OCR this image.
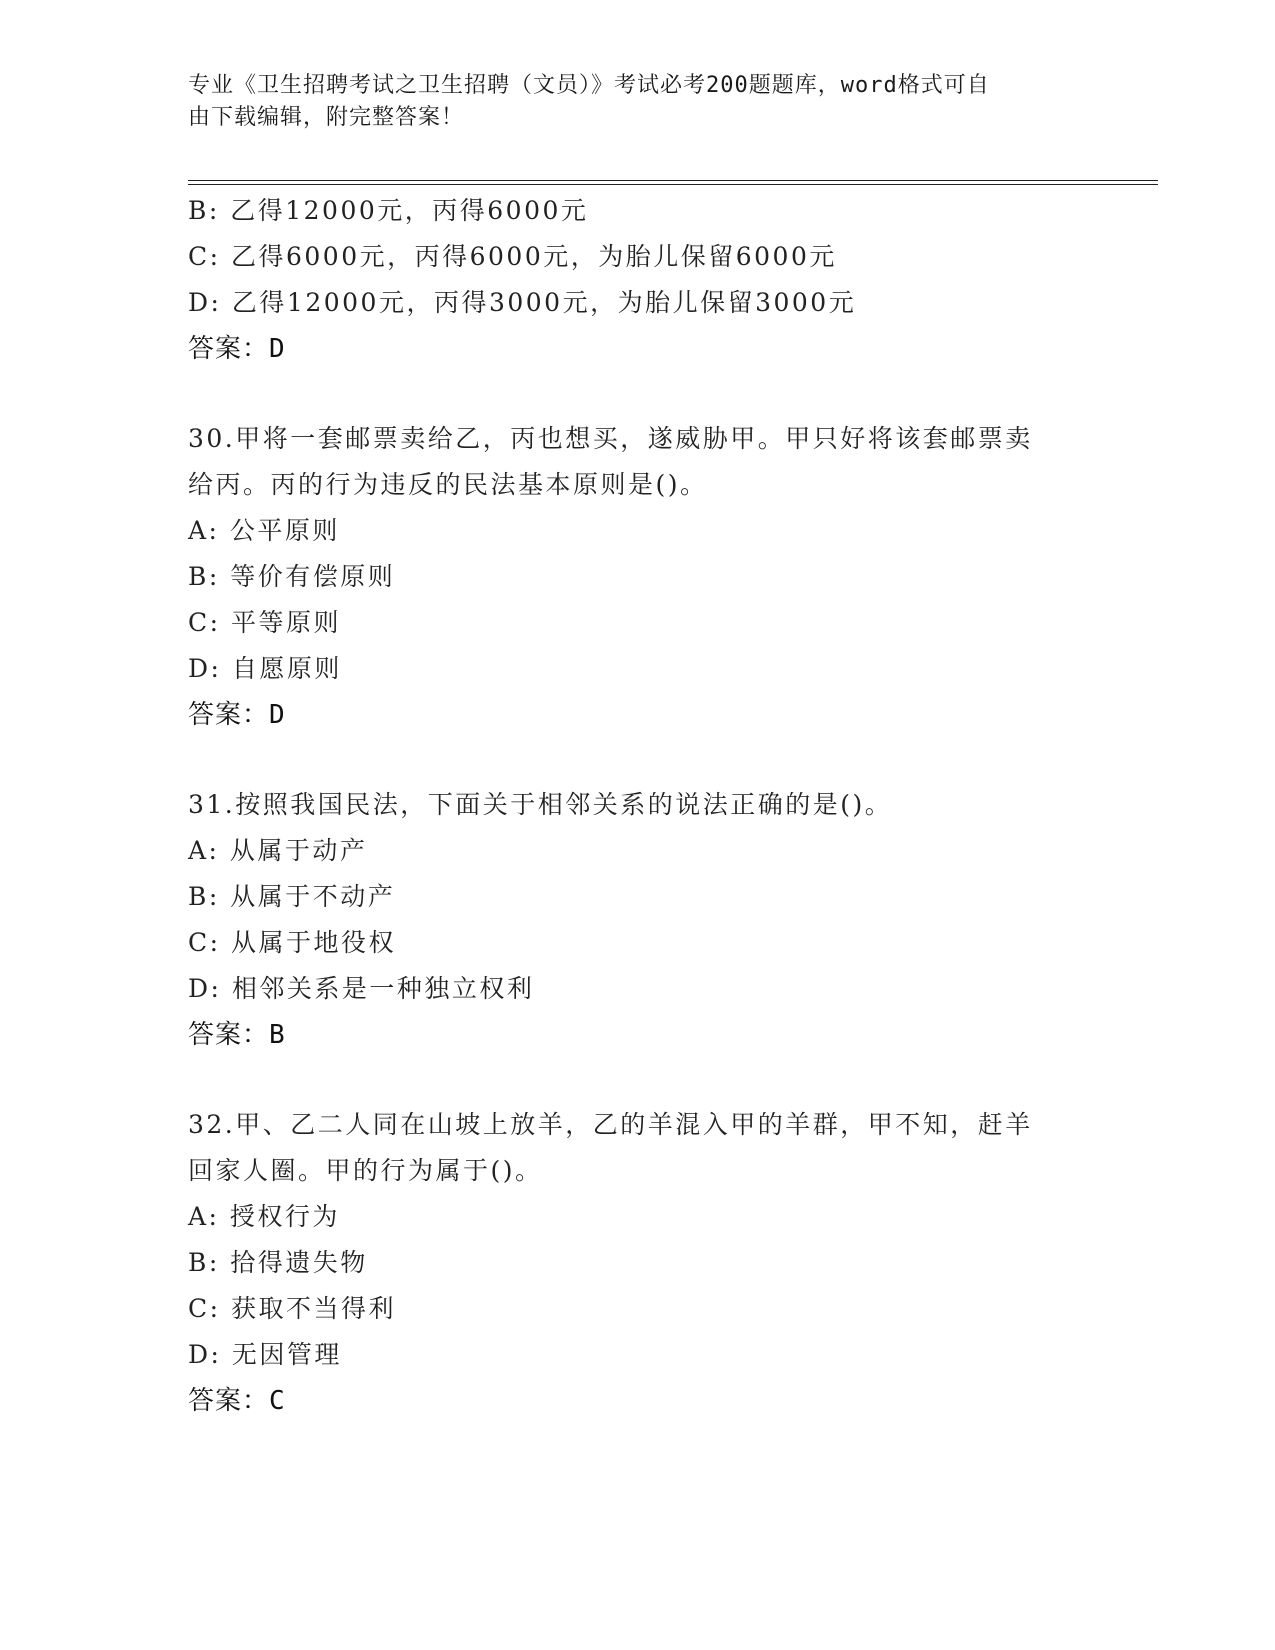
专业《卫生招聘考试之卫生招聘（文员）》考试必考200题题库，word格式可自
由下载编辑，附完整答案！
B: 乙得12000元，丙得6000元
C: 乙得6000元，丙得6000元，为胎儿保留6000元
D: 乙得12000元，丙得3000元，为胎儿保留3000元
答案：D
30.甲将一套邮票卖给乙，丙也想买，遂威胁甲。甲只好将该套邮票卖
给丙。丙的行为违反的民法基本原则是()。
A: 公平原则
B: 等价有偿原则
C: 平等原则
D: 自愿原则
答案：D
31.按照我国民法，下面关于相邻关系的说法正确的是()。
A: 从属于动产
B: 从属于不动产
C: 从属于地役权
D: 相邻关系是一种独立权利
答案：B
32.甲、乙二人同在山坡上放羊，乙的羊混入甲的羊群，甲不知，赶羊
回家人圈。甲的行为属于()。
A: 授权行为
B: 拾得遗失物
C: 获取不当得利
D: 无因管理
答案：C
